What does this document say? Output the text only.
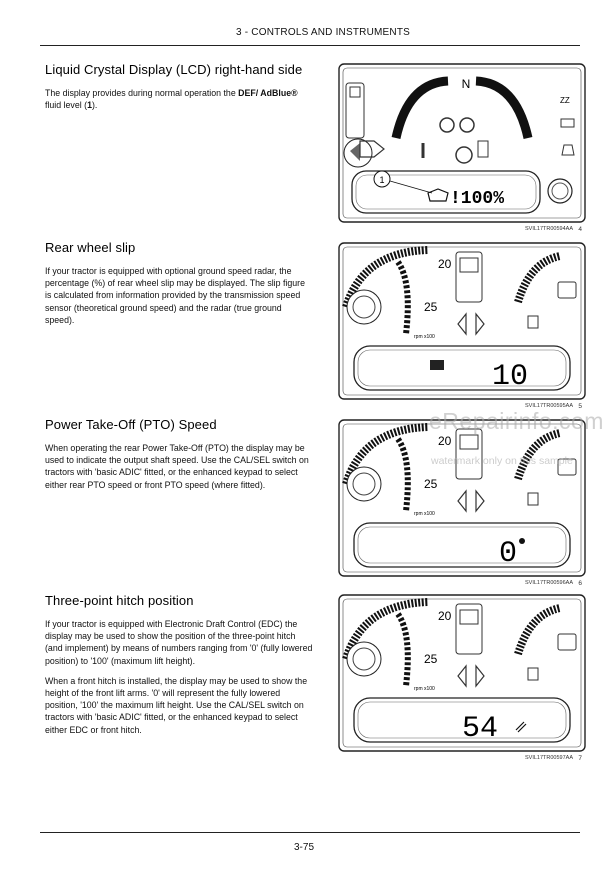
3 - CONTROLS AND INSTRUMENTS
Liquid Crystal Display (LCD) right-hand side

The display provides during normal operation the DEF/ AdBlue® fluid level (1).

Rear wheel slip

If your tractor is equipped with optional ground speed radar, the percentage (%) of rear wheel slip may be displayed. The slip figure is calculated from information provided by the transmission speed sensor (theoretical ground speed) and the radar (true ground speed).

Power Take-Off (PTO) Speed

When operating the rear Power Take-Off (PTO) the display may be used to indicate the output shaft speed. Use the CAL/SEL switch on tractors with 'basic ADIC' fitted, or the enhanced keypad to select either rear PTO speed or front PTO speed (where fitted).

Three-point hitch position

If your tractor is equipped with Electronic Draft Control (EDC) the display may be used to show the position of the three-point hitch (and implement) by means of numbers ranging from '0' (fully lowered position) to '100' (maximum lift height).

When a front hitch is installed, the display may be used to show the height of the front lift arms. '0' will represent the fully lowered position, '100' the maximum lift height. Use the CAL/SEL switch on tractors with 'basic ADIC' fitted, or the enhanced keypad to select either EDC or front hitch.

N
ZZ
!100%
1
SVIL17TR00594AA 4
20
25
rpm x100
10
SVIL17TR00595AA 5
20
25
rpm x100
0
SVIL17TR00596AA 6
20
25
rpm x100
54
SVIL17TR00597AA 7
eRepairinfo.com
watermark only on this sample
3-75
